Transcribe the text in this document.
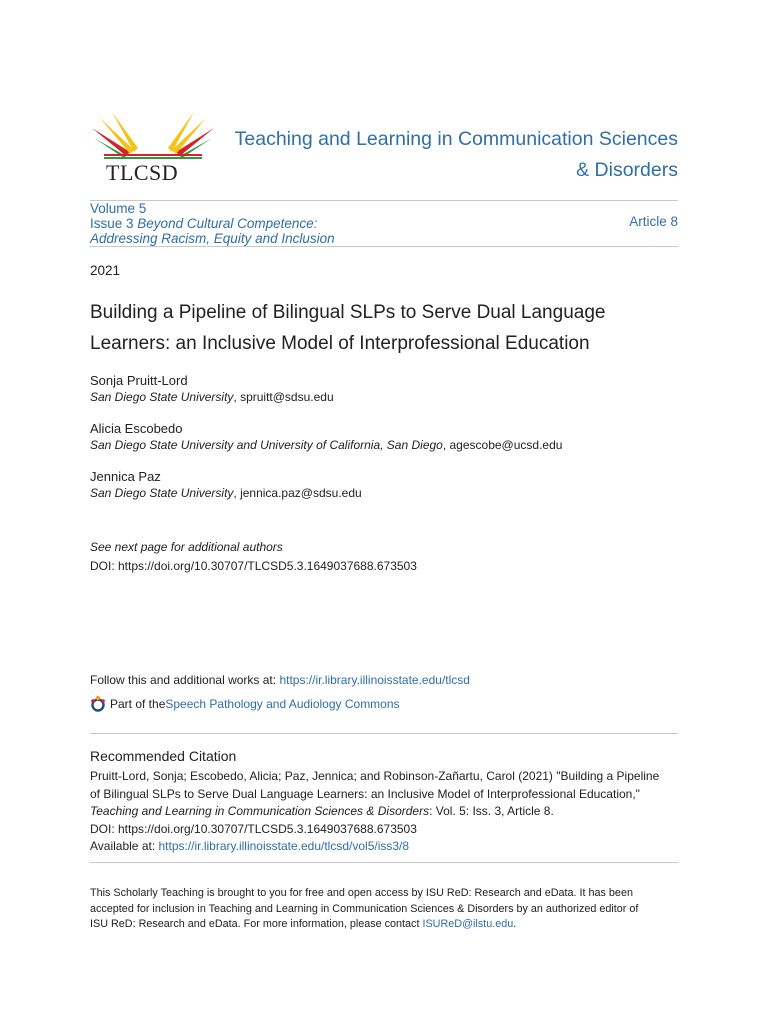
TLCSD
Teaching and Learning in Communication Sciences
& Disorders
Volume 5
Issue 3 Beyond Cultural Competence:
Addressing Racism, Equity and Inclusion
Article 8
2021
Building a Pipeline of Bilingual SLPs to Serve Dual Language
Learners: an Inclusive Model of Interprofessional Education
Sonja Pruitt-Lord
San Diego State University, spruitt@sdsu.edu
Alicia Escobedo
San Diego State University and University of California, San Diego, agescobe@ucsd.edu
Jennica Paz
San Diego State University, jennica.paz@sdsu.edu
See next page for additional authors
DOI: https://doi.org/10.30707/TLCSD5.3.1649037688.673503
Follow this and additional works at: https://ir.library.illinoisstate.edu/tlcsd
Part of the Speech Pathology and Audiology Commons
Recommended Citation
Pruitt-Lord, Sonja; Escobedo, Alicia; Paz, Jennica; and Robinson-Zañartu, Carol (2021) "Building a Pipeline
of Bilingual SLPs to Serve Dual Language Learners: an Inclusive Model of Interprofessional Education,"
Teaching and Learning in Communication Sciences & Disorders: Vol. 5: Iss. 3, Article 8.
DOI: https://doi.org/10.30707/TLCSD5.3.1649037688.673503
Available at: https://ir.library.illinoisstate.edu/tlcsd/vol5/iss3/8
This Scholarly Teaching is brought to you for free and open access by ISU ReD: Research and eData. It has been
accepted for inclusion in Teaching and Learning in Communication Sciences & Disorders by an authorized editor of
ISU ReD: Research and eData. For more information, please contact ISUReD@ilstu.edu.
